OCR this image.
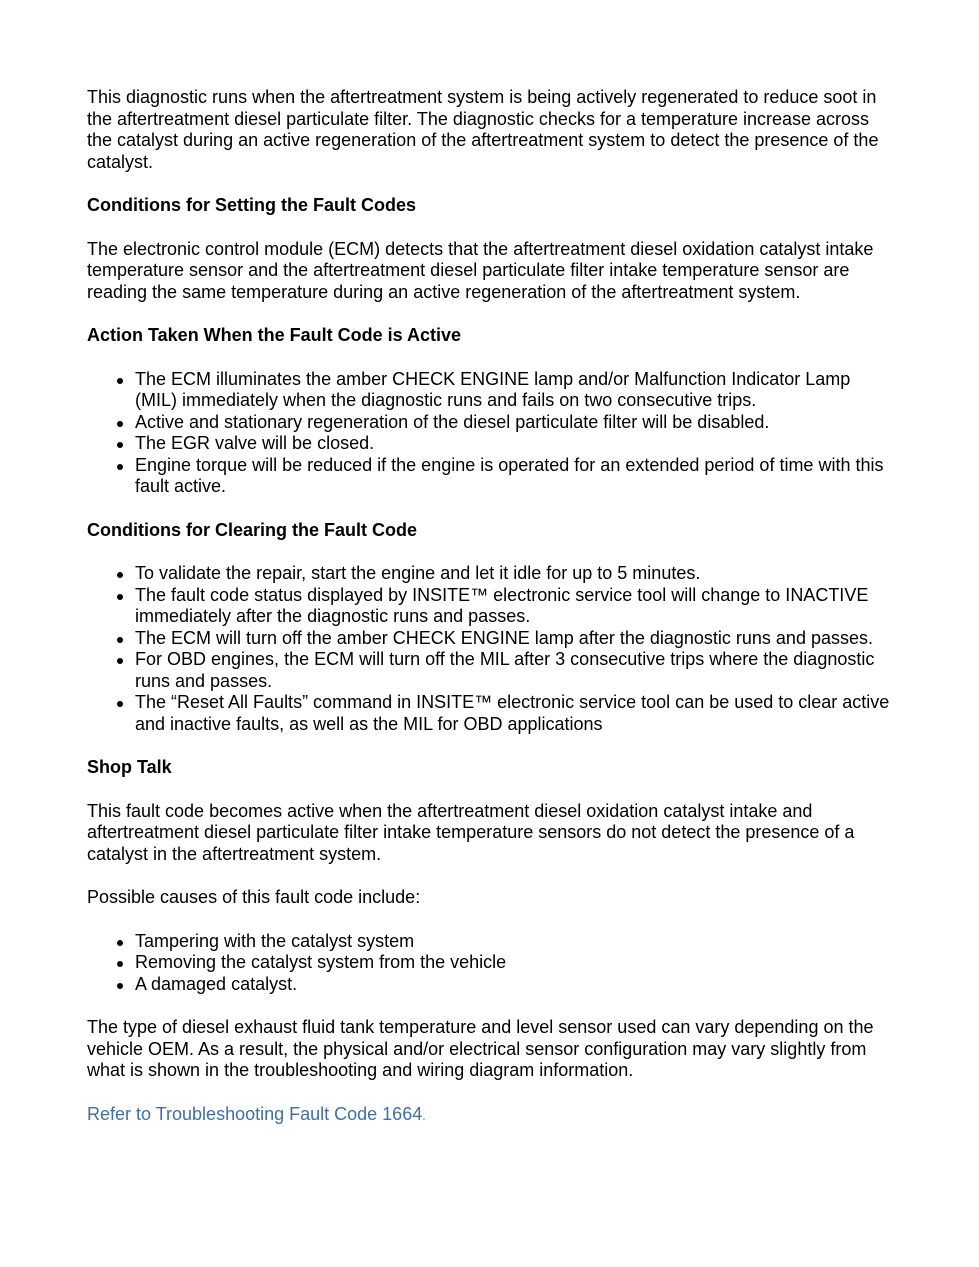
This diagnostic runs when the aftertreatment system is being actively regenerated to reduce soot in the aftertreatment diesel particulate filter. The diagnostic checks for a temperature increase across the catalyst during an active regeneration of the aftertreatment system to detect the presence of the catalyst.

Conditions for Setting the Fault Codes

The electronic control module (ECM) detects that the aftertreatment diesel oxidation catalyst intake temperature sensor and the aftertreatment diesel particulate filter intake temperature sensor are reading the same temperature during an active regeneration of the aftertreatment system.

Action Taken When the Fault Code is Active
The ECM illuminates the amber CHECK ENGINE lamp and/or Malfunction Indicator Lamp (MIL) immediately when the diagnostic runs and fails on two consecutive trips.
Active and stationary regeneration of the diesel particulate filter will be disabled.
The EGR valve will be closed.
Engine torque will be reduced if the engine is operated for an extended period of time with this fault active.
Conditions for Clearing the Fault Code
To validate the repair, start the engine and let it idle for up to 5 minutes.
The fault code status displayed by INSITE™ electronic service tool will change to INACTIVE immediately after the diagnostic runs and passes.
The ECM will turn off the amber CHECK ENGINE lamp after the diagnostic runs and passes.
For OBD engines, the ECM will turn off the MIL after 3 consecutive trips where the diagnostic runs and passes.
The “Reset All Faults” command in INSITE™ electronic service tool can be used to clear active and inactive faults, as well as the MIL for OBD applications
Shop Talk

This fault code becomes active when the aftertreatment diesel oxidation catalyst intake and aftertreatment diesel particulate filter intake temperature sensors do not detect the presence of a catalyst in the aftertreatment system.

Possible causes of this fault code include:

Tampering with the catalyst system
Removing the catalyst system from the vehicle
A damaged catalyst.

The type of diesel exhaust fluid tank temperature and level sensor used can vary depending on the vehicle OEM. As a result, the physical and/or electrical sensor configuration may vary slightly from what is shown in the troubleshooting and wiring diagram information.

Refer to Troubleshooting Fault Code 1664.
